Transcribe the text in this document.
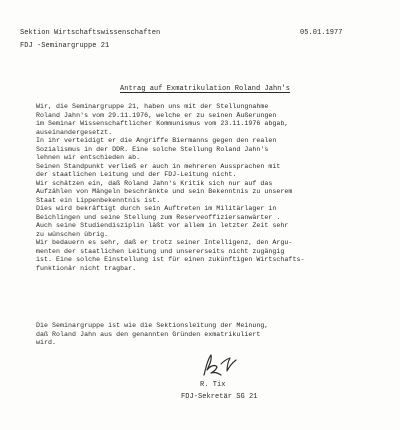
Sektion Wirtschaftswissenschaften
FDJ -Seminargruppe 21
05.01.1977
Antrag auf Exmatrikulation Roland Jahn's
Wir, die Seminargruppe 21, haben uns mit der Stellungnahme
Roland Jahn's vom 29.11.1976, welche er zu seinen Äußerungen
im Seminar Wissenschaftlicher Kommunismus vom 23.11.1976 abgab,
auseinandergesetzt.
In ihr verteidigt er die Angriffe Biermanns gegen den realen
Sozialismus in der DDR. Eine solche Stellung Roland Jahn's
lehnen wir entschieden ab.
Seinen Standpunkt verließ er auch in mehreren Aussprachen mit
der staatlichen Leitung und der FDJ-Leitung nicht.
Wir schätzen ein, daß Roland Jahn's Kritik sich nur auf das
Aufzählen von Mängeln beschränkte und sein Bekenntnis zu unserem
Staat ein Lippenbekenntnis ist.
Dies wird bekräftigt durch sein Auftreten im Militärlager in
Beichlingen und seine Stellung zum Reserveoffiziersanwärter .
Auch seine Studiendisziplin läßt vor allem in letzter Zeit sehr
zu wünschen übrig.
Wir bedauern es sehr, daß er trotz seiner Intelligenz, den Argu-
menten der staatlichen Leitung und unsererseits nicht zugängig
ist. Eine solche Einstellung ist für einen zukünftigen Wirtschafts-
funktionär nicht tragbar.
Die Seminargruppe ist wie die Sektionsleitung der Meinung,
daß Roland Jahn aus den genannten Gründen exmatrikuliert
wird.
R. Tix
FDJ-Sekretär SG 21
